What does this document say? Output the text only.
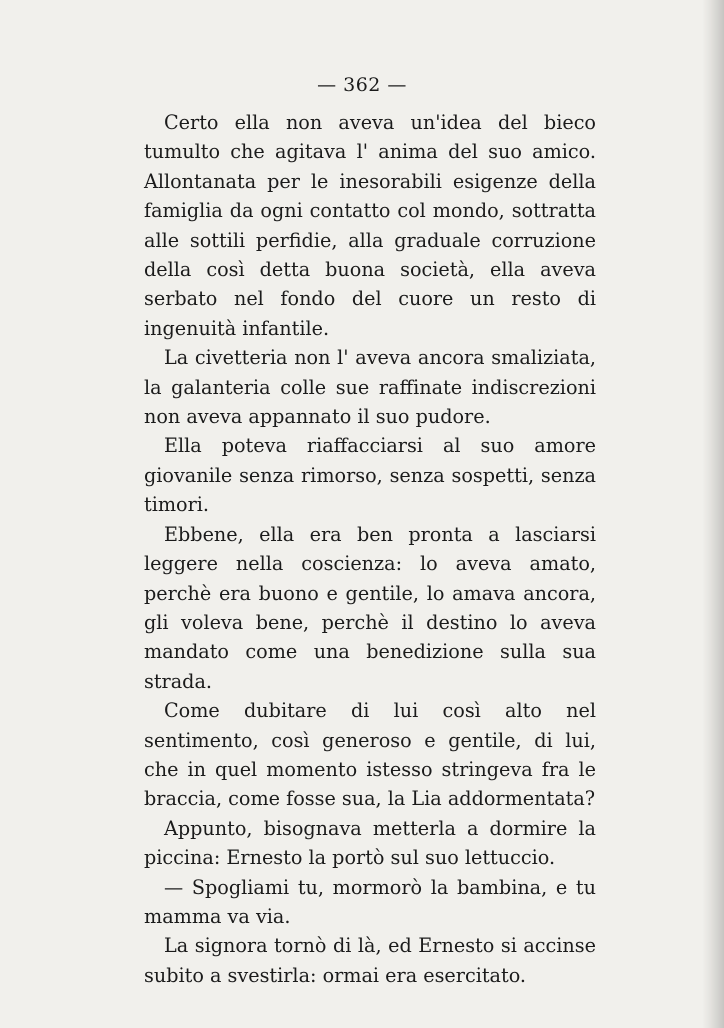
— 362 —

Certo ella non aveva un'idea del bieco tumulto che agitava l' anima del suo amico. Allontanata per le inesorabili esigenze della famiglia da ogni contatto col mondo, sottratta alle sottili perfidie, alla graduale corruzione della così detta buona società, ella aveva serbato nel fondo del cuore un resto di ingenuità infantile.

La civetteria non l' aveva ancora smaliziata, la galanteria colle sue raffinate indiscrezioni non aveva appannato il suo pudore.

Ella poteva riaffacciarsi al suo amore giovanile senza rimorso, senza sospetti, senza timori.

Ebbene, ella era ben pronta a lasciarsi leggere nella coscienza: lo aveva amato, perchè era buono e gentile, lo amava ancora, gli voleva bene, perchè il destino lo aveva mandato come una benedizione sulla sua strada.

Come dubitare di lui così alto nel sentimento, così generoso e gentile, di lui, che in quel momento istesso stringeva fra le braccia, come fosse sua, la Lia addormentata?

Appunto, bisognava metterla a dormire la piccina: Ernesto la portò sul suo lettuccio.

— Spogliami tu, mormorò la bambina, e tu mamma va via.

La signora tornò di là, ed Ernesto si accinse subito a svestirla: ormai era esercitato.
